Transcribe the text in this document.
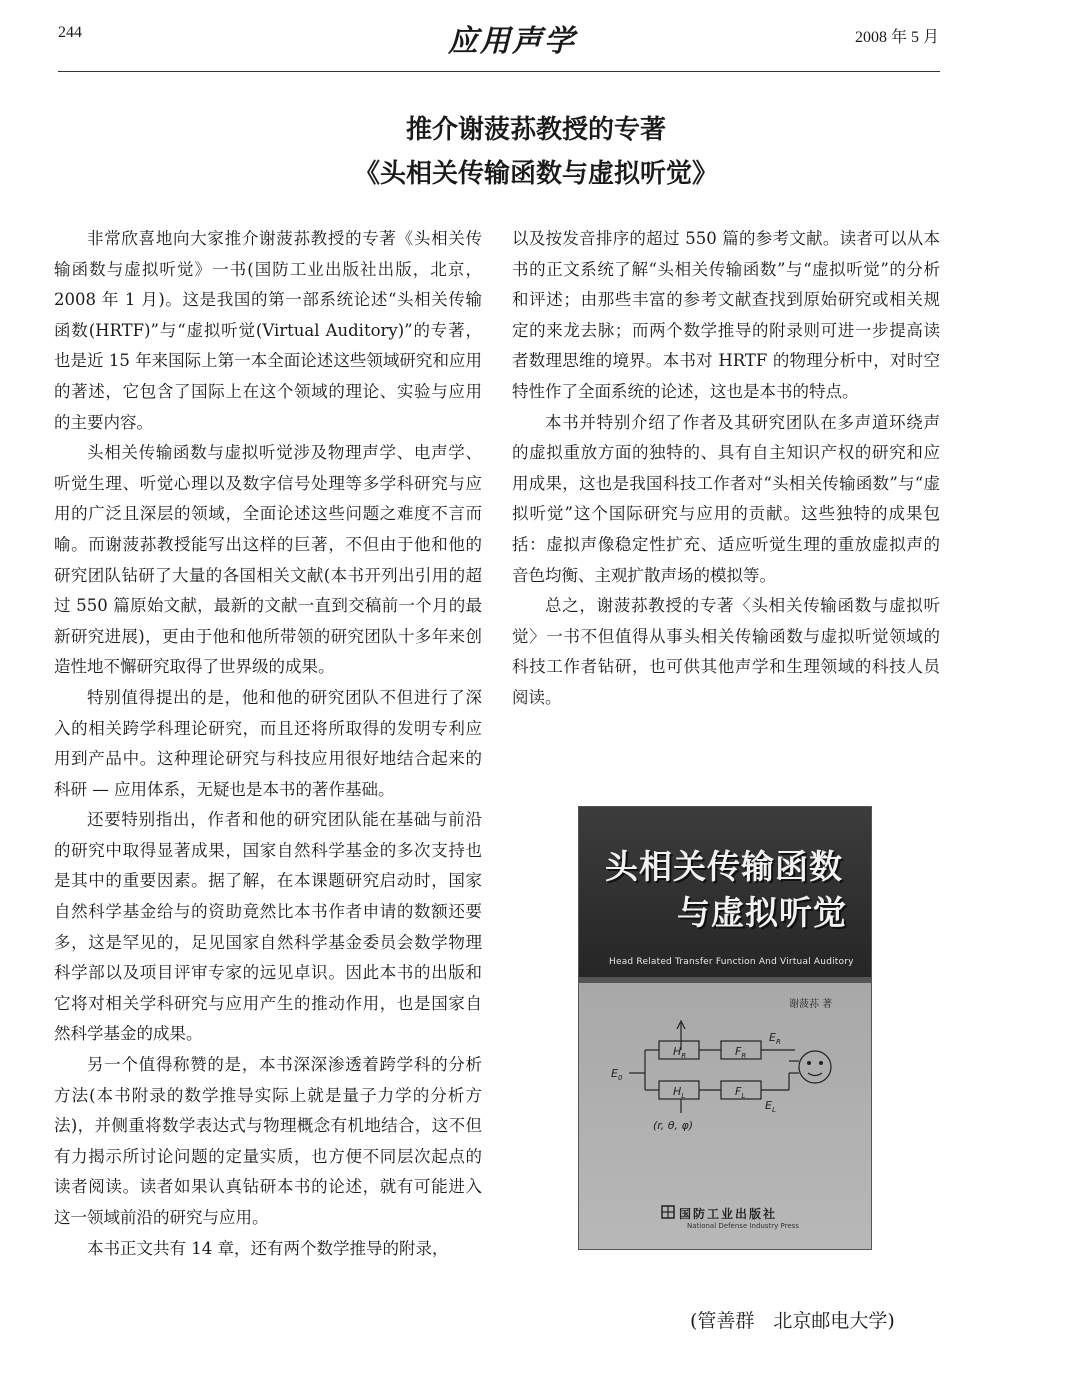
244	应用声学	2008 年 5 月
推介谢菠荪教授的专著
《头相关传输函数与虚拟听觉》

非常欣喜地向大家推介谢菠荪教授的专著《头相关传输函数与虚拟听觉》一书(国防工业出版社出版，北京，2008 年 1 月)。这是我国的第一部系统论述“头相关传输函数(HRTF)”与“虚拟听觉(Virtual Auditory)”的专著，也是近 15 年来国际上第一本全面论述这些领域研究和应用的著述，它包含了国际上在这个领域的理论、实验与应用的主要内容。

头相关传输函数与虚拟听觉涉及物理声学、电声学、听觉生理、听觉心理以及数字信号处理等多学科研究与应用的广泛且深层的领域，全面论述这些问题之难度不言而喻。而谢菠荪教授能写出这样的巨著，不但由于他和他的研究团队钻研了大量的各国相关文献(本书开列出引用的超过 550 篇原始文献，最新的文献一直到交稿前一个月的最新研究进展)，更由于他和他所带领的研究团队十多年来创造性地不懈研究取得了世界级的成果。

特别值得提出的是，他和他的研究团队不但进行了深入的相关跨学科理论研究，而且还将所取得的发明专利应用到产品中。这种理论研究与科技应用很好地结合起来的科研 — 应用体系，无疑也是本书的著作基础。

还要特别指出，作者和他的研究团队能在基础与前沿的研究中取得显著成果，国家自然科学基金的多次支持也是其中的重要因素。据了解，在本课题研究启动时，国家自然科学基金给与的资助竟然比本书作者申请的数额还要多，这是罕见的，足见国家自然科学基金委员会数学物理科学部以及项目评审专家的远见卓识。因此本书的出版和它将对相关学科研究与应用产生的推动作用，也是国家自然科学基金的成果。

另一个值得称赞的是，本书深深渗透着跨学科的分析方法(本书附录的数学推导实际上就是量子力学的分析方法)，并侧重将数学表达式与物理概念有机地结合，这不但有力揭示所讨论问题的定量实质，也方便不同层次起点的读者阅读。读者如果认真钻研本书的论述，就有可能进入这一领域前沿的研究与应用。

本书正文共有 14 章，还有两个数学推导的附录，

以及按发音排序的超过 550 篇的参考文献。读者可以从本书的正文系统了解“头相关传输函数”与“虚拟听觉”的分析和评述；由那些丰富的参考文献查找到原始研究或相关规定的来龙去脉；而两个数学推导的附录则可进一步提高读者数理思维的境界。本书对 HRTF 的物理分析中，对时空特性作了全面系统的论述，这也是本书的特点。

本书并特别介绍了作者及其研究团队在多声道环绕声的虚拟重放方面的独特的、具有自主知识产权的研究和应用成果，这也是我国科技工作者对“头相关传输函数”与“虚拟听觉”这个国际研究与应用的贡献。这些独特的成果包括：虚拟声像稳定性扩充、适应听觉生理的重放虚拟声的音色均衡、主观扩散声场的模拟等。

总之，谢菠荪教授的专著〈头相关传输函数与虚拟听觉〉一书不但值得从事头相关传输函数与虚拟听觉领域的科技工作者钻研，也可供其他声学和生理领域的科技人员阅读。

头相关传输函数
与虚拟听觉
Head Related Transfer Function And Virtual Auditory
谢菠荪 著
$E_0$
$H_R$
$H_L$
$F_R$
$F_L$
$E_R$
$E_L$
(r, θ, φ)
国防工业出版社
National Defense Industry Press
(管善群　北京邮电大学)
